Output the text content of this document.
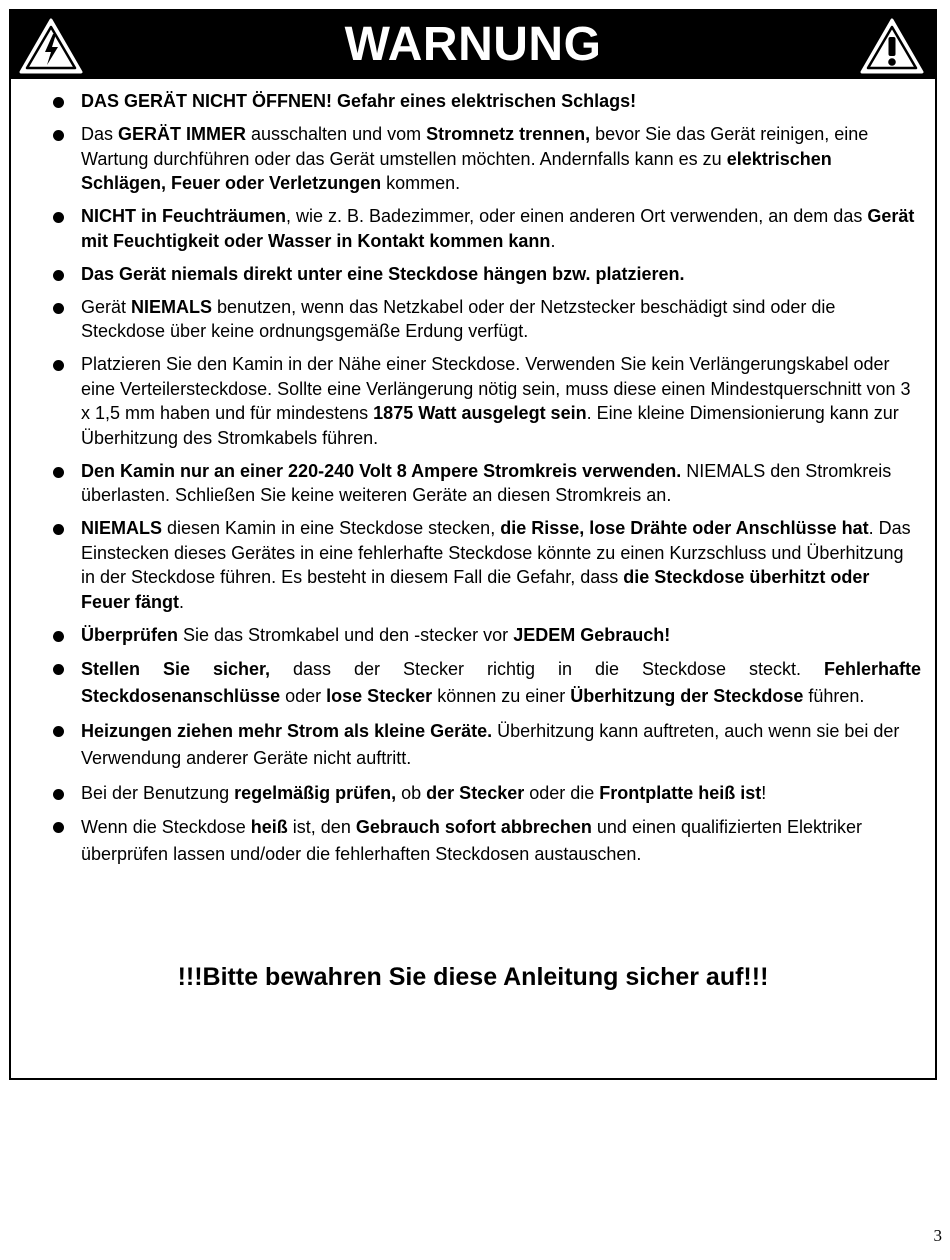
WARNUNG
DAS GERÄT NICHT ÖFFNEN! Gefahr eines elektrischen Schlags!
Das GERÄT IMMER ausschalten und vom Stromnetz trennen, bevor Sie das Gerät reinigen, eine Wartung durchführen oder das Gerät umstellen möchten. Andernfalls kann es zu elektrischen Schlägen, Feuer oder Verletzungen kommen.
NICHT in Feuchträumen, wie z. B. Badezimmer, oder einen anderen Ort verwenden, an dem das Gerät mit Feuchtigkeit oder Wasser in Kontakt kommen kann.
Das Gerät niemals direkt unter eine Steckdose hängen bzw. platzieren.
Gerät NIEMALS benutzen, wenn das Netzkabel oder der Netzstecker beschädigt sind oder die Steckdose über keine ordnungsgemäße Erdung verfügt.
Platzieren Sie den Kamin in der Nähe einer Steckdose. Verwenden Sie kein Verlängerungskabel oder eine Verteilersteckdose. Sollte eine Verlängerung nötig sein, muss diese einen Mindestquerschnitt von 3 x 1,5 mm haben und für mindestens 1875 Watt ausgelegt sein. Eine kleine Dimensionierung kann zur Überhitzung des Stromkabels führen.
Den Kamin nur an einer 220-240 Volt 8 Ampere Stromkreis verwenden. NIEMALS den Stromkreis überlasten. Schließen Sie keine weiteren Geräte an diesen Stromkreis an.
NIEMALS diesen Kamin in eine Steckdose stecken, die Risse, lose Drähte oder Anschlüsse hat. Das Einstecken dieses Gerätes in eine fehlerhafte Steckdose könnte zu einen Kurzschluss und Überhitzung in der Steckdose führen. Es besteht in diesem Fall die Gefahr, dass die Steckdose überhitzt oder Feuer fängt.
Überprüfen Sie das Stromkabel und den -stecker vor JEDEM Gebrauch!
Stellen Sie sicher, dass der Stecker richtig in die Steckdose steckt. Fehlerhafte Steckdosenanschlüsse oder lose Stecker können zu einer Überhitzung der Steckdose führen.
Heizungen ziehen mehr Strom als kleine Geräte. Überhitzung kann auftreten, auch wenn sie bei der Verwendung anderer Geräte nicht auftritt.
Bei der Benutzung regelmäßig prüfen, ob der Stecker oder die Frontplatte heiß ist!
Wenn die Steckdose heiß ist, den Gebrauch sofort abbrechen und einen qualifizierten Elektriker überprüfen lassen und/oder die fehlerhaften Steckdosen austauschen.
!!!Bitte bewahren Sie diese Anleitung sicher auf!!!
3
